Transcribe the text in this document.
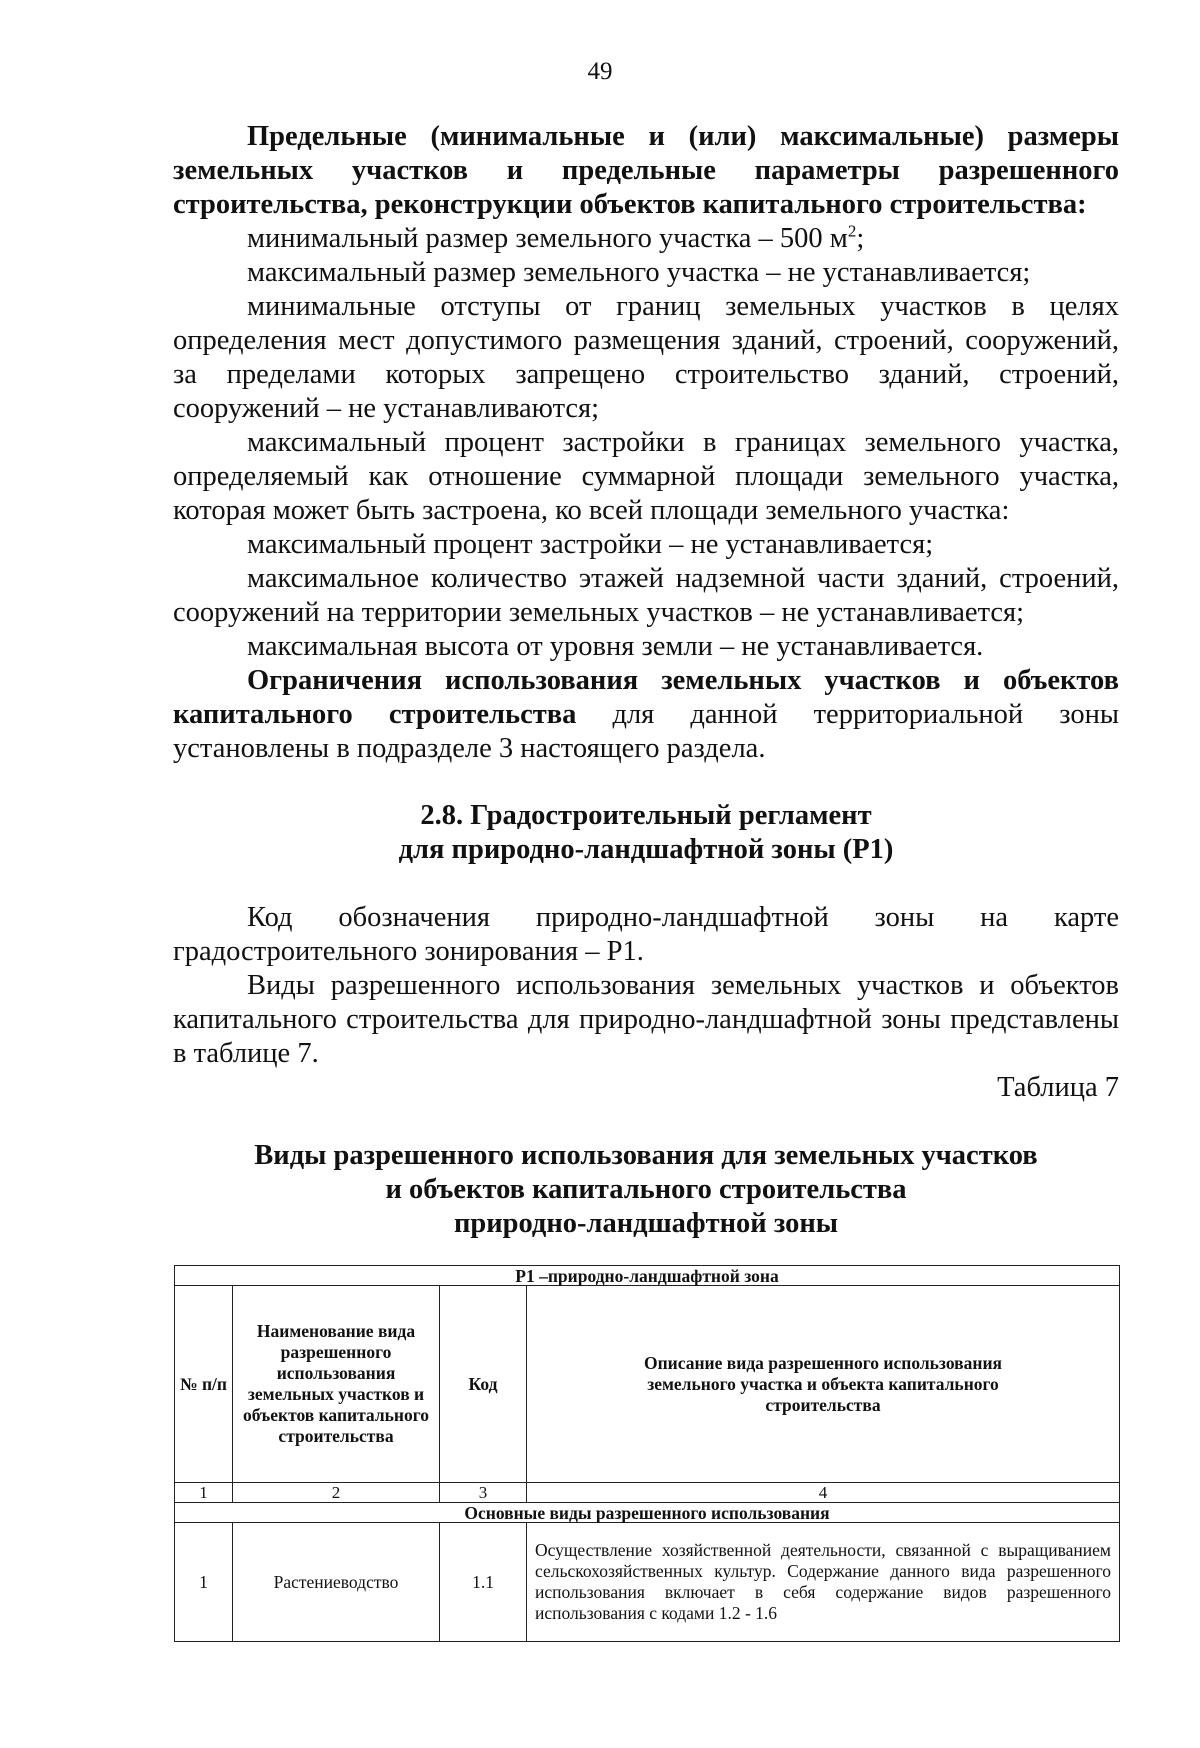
49

Предельные (минимальные и (или) максимальные) размеры земельных участков и предельные параметры разрешенного строительства, реконструкции объектов капитального строительства:

минимальный размер земельного участка – 500 $м^2$;

максимальный размер земельного участка – не устанавливается;

минимальные отступы от границ земельных участков в целях определения мест допустимого размещения зданий, строений, сооружений, за пределами которых запрещено строительство зданий, строений, сооружений – не устанавливаются;

максимальный процент застройки в границах земельного участка, определяемый как отношение суммарной площади земельного участка, которая может быть застроена, ко всей площади земельного участка:

максимальный процент застройки – не устанавливается;

максимальное количество этажей надземной части зданий, строений, сооружений на территории земельных участков – не устанавливается;

максимальная высота от уровня земли – не устанавливается.

Ограничения использования земельных участков и объектов капитального строительства для данной территориальной зоны установлены в подразделе 3 настоящего раздела.

2.8. Градостроительный регламент
для природно-ландшафтной зоны (Р1)

Код обозначения природно-ландшафтной зоны на карте градостроительного зонирования – Р1.

Виды разрешенного использования земельных участков и объектов капитального строительства для природно-ландшафтной зоны представлены в таблице 7.

Таблица 7

Виды разрешенного использования для земельных участков
и объектов капитального строительства
природно-ландшафтной зоны
Р1 –природно-ландшафтной зона			
№ п/п	Наименование вида разрешенного использования земельных участков и объектов капитального строительства	Код	Описание вида разрешенного использования земельного участка и объекта капитального строительства
1	2	3	4
Основные виды разрешенного использования			
1	Растениеводство	1.1	Осуществление хозяйственной деятельности, связанной с выращиванием сельскохозяйственных культур. Содержание данного вида разрешенного использования включает в себя содержание видов разрешенного использования с кодами 1.2 - 1.6
